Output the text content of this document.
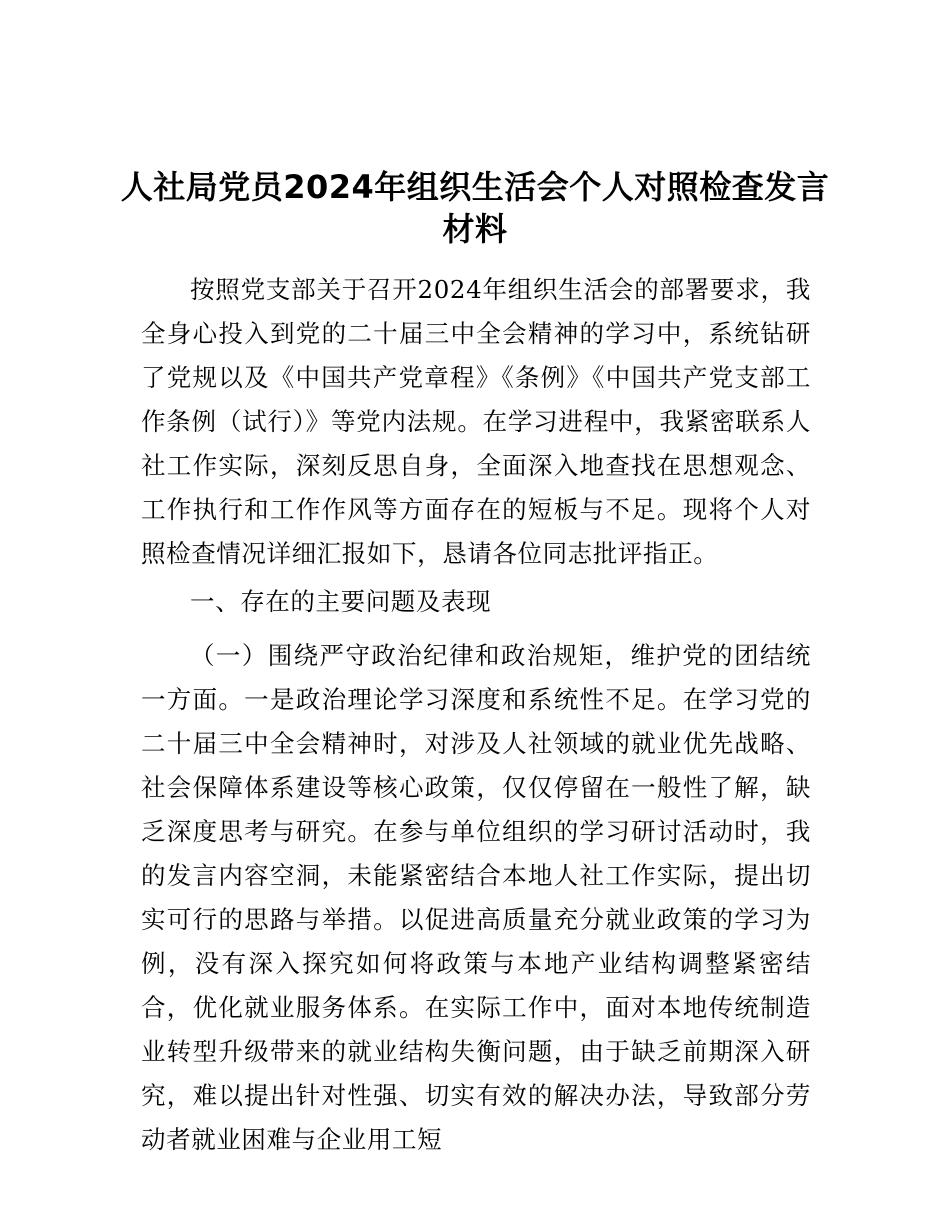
人社局党员2024年组织生活会个人对照检查发言材料

按照党支部关于召开2024年组织生活会的部署要求，我全身心投入到党的二十届三中全会精神的学习中，系统钻研了党规以及《中国共产党章程》《条例》《中国共产党支部工作条例（试行）》等党内法规。在学习进程中，我紧密联系人社工作实际，深刻反思自身，全面深入地查找在思想观念、工作执行和工作作风等方面存在的短板与不足。现将个人对照检查情况详细汇报如下，恳请各位同志批评指正。

一、存在的主要问题及表现

（一）围绕严守政治纪律和政治规矩，维护党的团结统一方面。一是政治理论学习深度和系统性不足。在学习党的二十届三中全会精神时，对涉及人社领域的就业优先战略、社会保障体系建设等核心政策，仅仅停留在一般性了解，缺乏深度思考与研究。在参与单位组织的学习研讨活动时，我的发言内容空洞，未能紧密结合本地人社工作实际，提出切实可行的思路与举措。以促进高质量充分就业政策的学习为例，没有深入探究如何将政策与本地产业结构调整紧密结合，优化就业服务体系。在实际工作中，面对本地传统制造业转型升级带来的就业结构失衡问题，由于缺乏前期深入研究，难以提出针对性强、切实有效的解决办法，导致部分劳动者就业困难与企业用工短
